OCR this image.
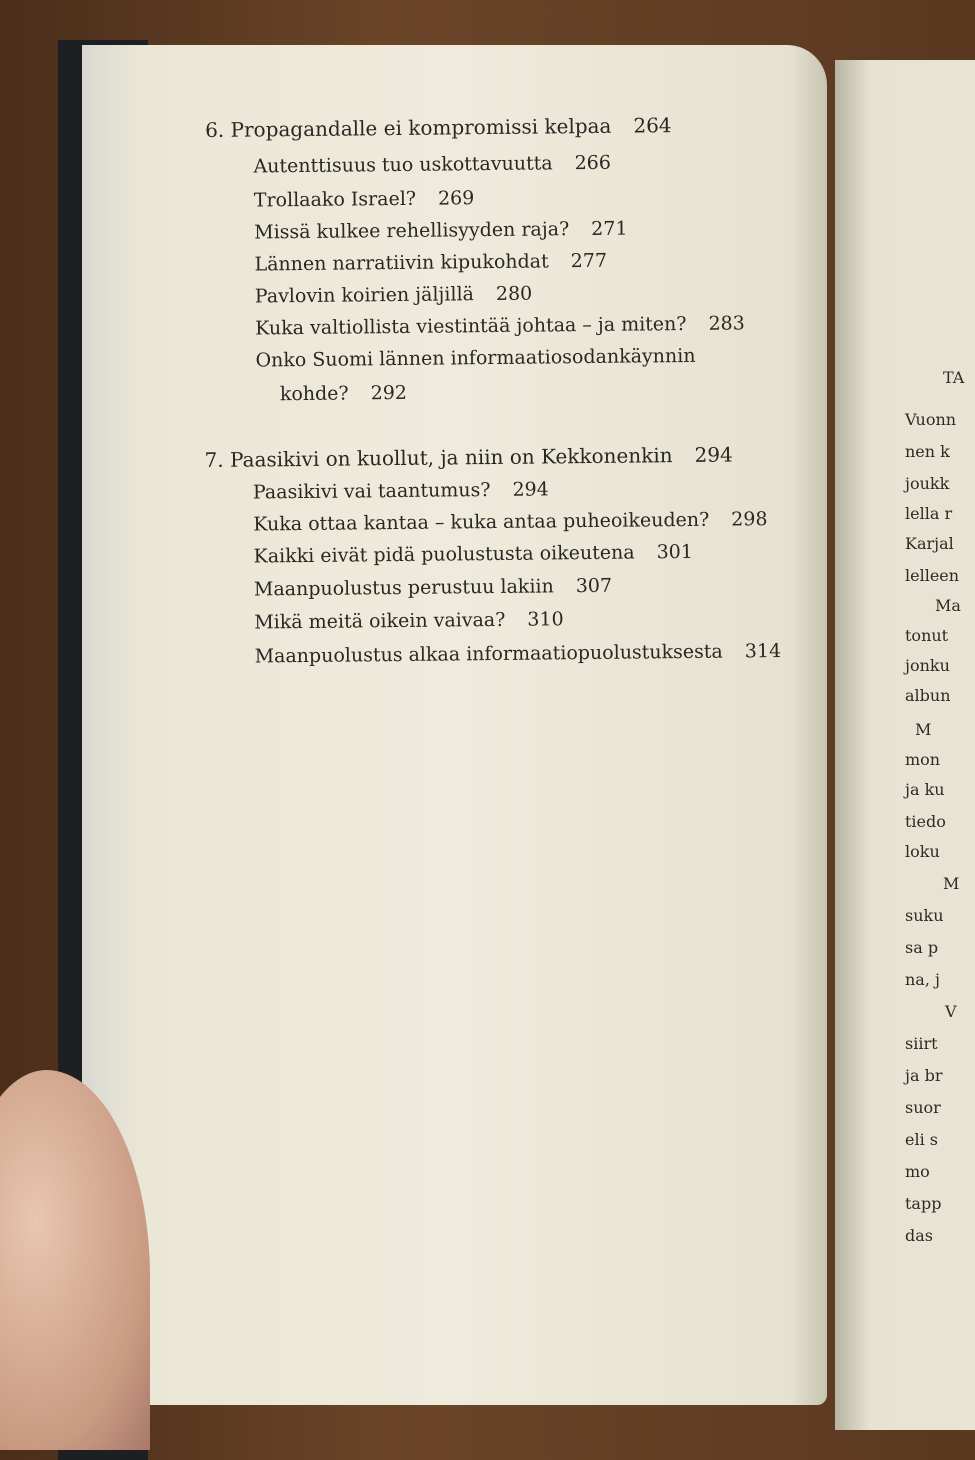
6. Propagandalle ei kompromissi kelpaa 264
Autenttisuus tuo uskottavuutta 266
Trollaako Israel? 269
Missä kulkee rehellisyyden raja? 271
Lännen narratiivin kipukohdat 277
Pavlovin koirien jäljillä 280
Kuka valtiollista viestintää johtaa – ja miten? 283
Onko Suomi lännen informaatiosodankäynnin
kohde? 292
7. Paasikivi on kuollut, ja niin on Kekkonenkin 294
Paasikivi vai taantumus? 294
Kuka ottaa kantaa – kuka antaa puheoikeuden? 298
Kaikki eivät pidä puolustusta oikeutena 301
Maanpuolustus perustuu lakiin 307
Mikä meitä oikein vaivaa? 310
Maanpuolustus alkaa informaatiopuolustuksesta 314
TA
Vuonn
nen k
joukk
lella r
Karjal
lelleen
Ma
tonut
jonku
albun
M
mon
ja ku
tiedo
loku
M
suku
sa p
na, j
V
siirt
ja br
suor
eli s
mo
tapp
das
